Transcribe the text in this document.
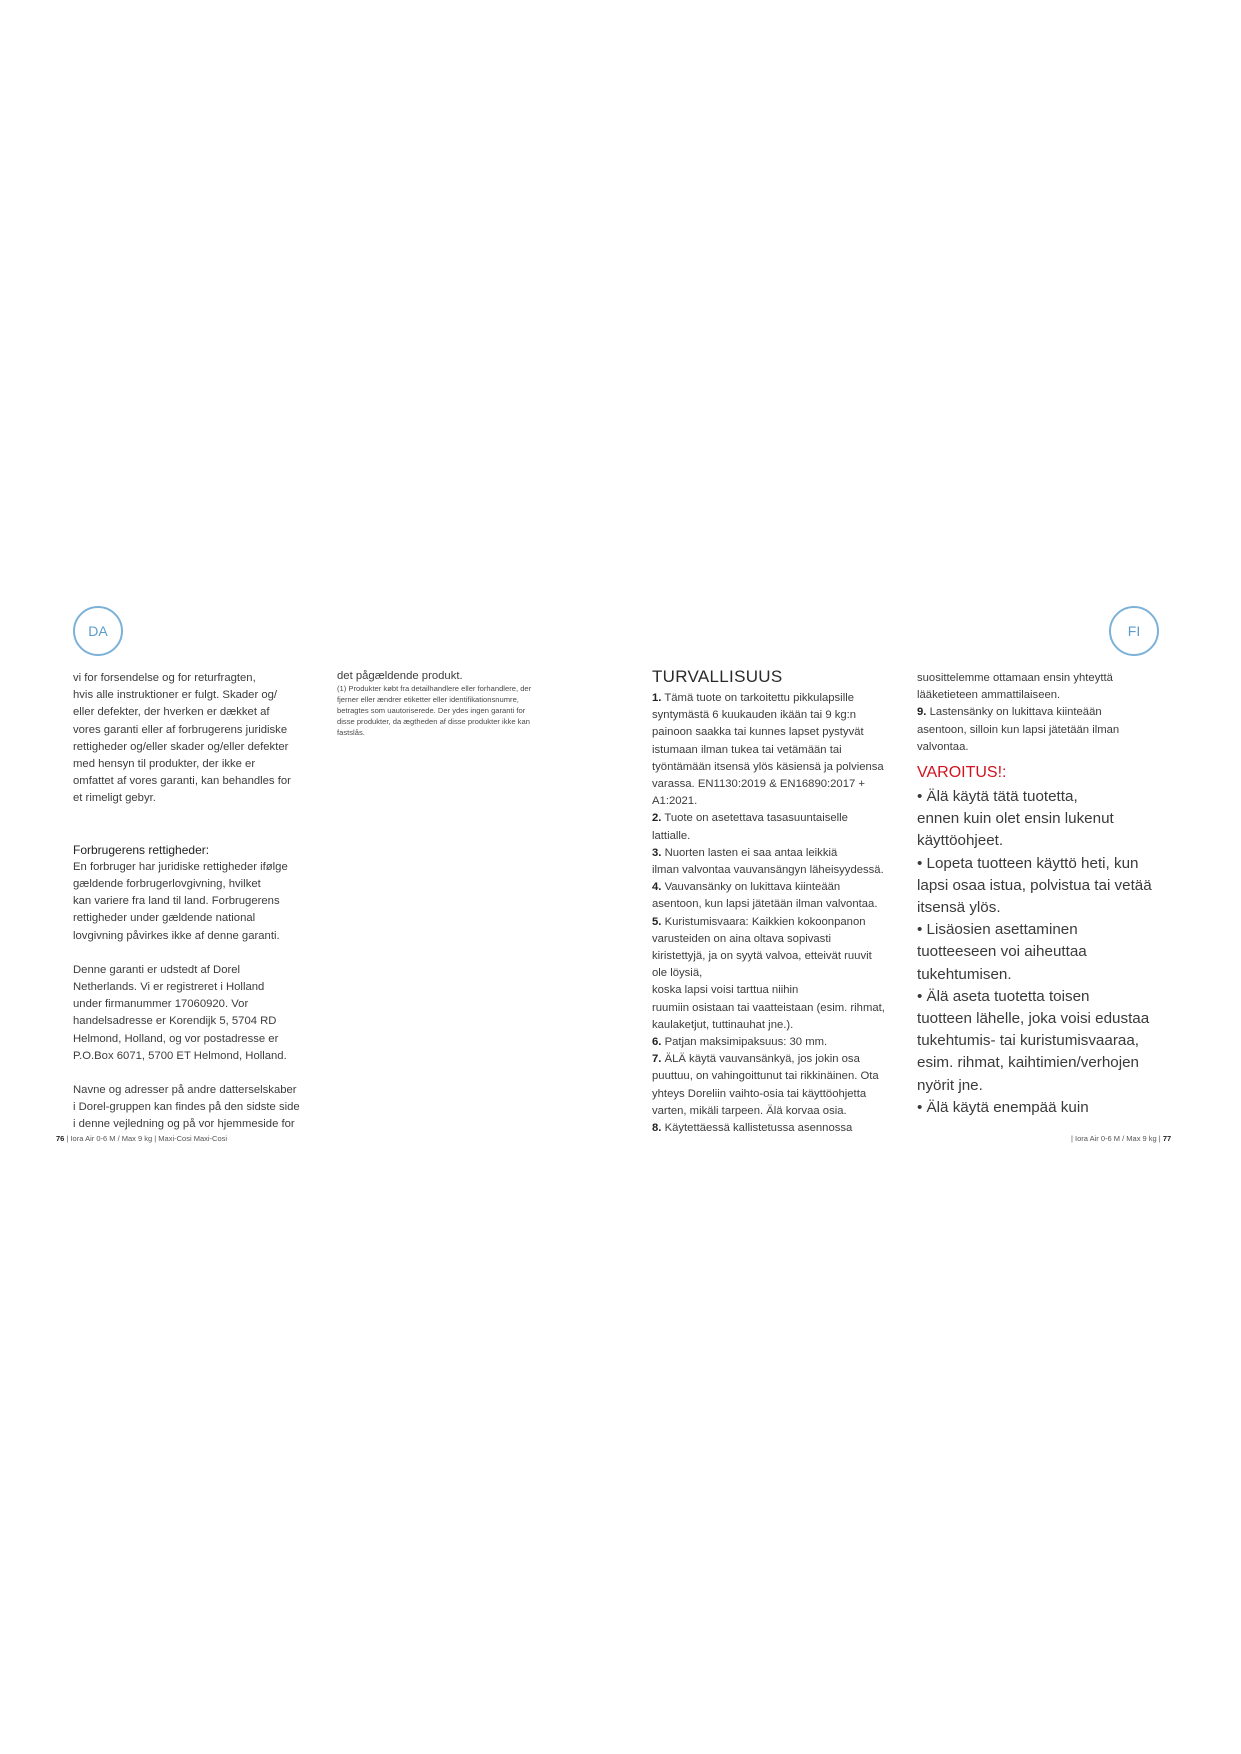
DA

vi for forsendelse og for returfragten,
hvis alle instruktioner er fulgt. Skader og/
eller defekter, der hverken er dækket af
vores garanti eller af forbrugerens juridiske
rettigheder og/eller skader og/eller defekter
med hensyn til produkter, der ikke er
omfattet af vores garanti, kan behandles for
et rimeligt gebyr.

Forbrugerens rettigheder:

En forbruger har juridiske rettigheder ifølge
gældende forbrugerlovgivning, hvilket
kan variere fra land til land. Forbrugerens
rettigheder under gældende national
lovgivning påvirkes ikke af denne garanti.

Denne garanti er udstedt af Dorel
Netherlands. Vi er registreret i Holland
under firmanummer 17060920. Vor
handelsadresse er Korendijk 5, 5704 RD
Helmond, Holland, og vor postadresse er
P.O.Box 6071, 5700 ET Helmond, Holland.

Navne og adresser på andre datterselskaber
i Dorel-gruppen kan findes på den sidste side
i denne vejledning og på vor hjemmeside for

det pågældende produkt.

(1) Produkter købt fra detailhandlere eller forhandlere, der
fjerner eller ændrer etiketter eller identifikationsnumre,
betragtes som uautoriserede. Der ydes ingen garanti for
disse produkter, da ægtheden af disse produkter ikke kan
fastslås.
76 | Iora Air 0-6 M / Max 9 kg | Maxi-Cosi Maxi-Cosi
FI
TURVALLISUUS

1. Tämä tuote on tarkoitettu pikkulapsille
syntymästä 6 kuukauden ikään tai 9 kg:n
painoon saakka tai kunnes lapset pystyvät
istumaan ilman tukea tai vetämään tai
työntämään itsensä ylös käsiensä ja polviensa
varassa. EN1130:2019 & EN16890:2017 +
A1:2021.

2. Tuote on asetettava tasasuuntaiselle
lattialle.

3. Nuorten lasten ei saa antaa leikkiä
ilman valvontaa vauvansängyn läheisyydessä.

4. Vauvansänky on lukittava kiinteään
asentoon, kun lapsi jätetään ilman valvontaa.

5. Kuristumisvaara: Kaikkien kokoonpanon
varusteiden on aina oltava sopivasti
kiristettyjä, ja on syytä valvoa, etteivät ruuvit
ole löysiä,
koska lapsi voisi tarttua niihin
ruumiin osistaan tai vaatteistaan (esim. rihmat,
kaulaketjut, tuttinauhat jne.).

6. Patjan maksimipaksuus: 30 mm.

7. ÄLÄ käytä vauvansänkyä, jos jokin osa
puuttuu, on vahingoittunut tai rikkinäinen. Ota
yhteys Doreliin vaihto-osia tai käyttöohjetta
varten, mikäli tarpeen. Älä korvaa osia.

8. Käytettäessä kallistetussa asennossa

suosittelemme ottamaan ensin yhteyttä
lääketieteen ammattilaiseen.

9. Lastensänky on lukittava kiinteään
asentoon, silloin kun lapsi jätetään ilman
valvontaa.

VAROITUS!:
• Älä käytä tätä tuotetta,
ennen kuin olet ensin lukenut
käyttöohjeet.
• Lopeta tuotteen käyttö heti, kun
lapsi osaa istua, polvistua tai vetää
itsensä ylös.
• Lisäosien asettaminen
tuotteeseen voi aiheuttaa
tukehtumisen.
• Älä aseta tuotetta toisen
tuotteen lähelle, joka voisi edustaa
tukehtumis- tai kuristumisvaaraa,
esim. rihmat, kaihtimien/verhojen
nyörit jne.
• Älä käytä enempää kuin
| Iora Air 0-6 M / Max 9 kg | 77
